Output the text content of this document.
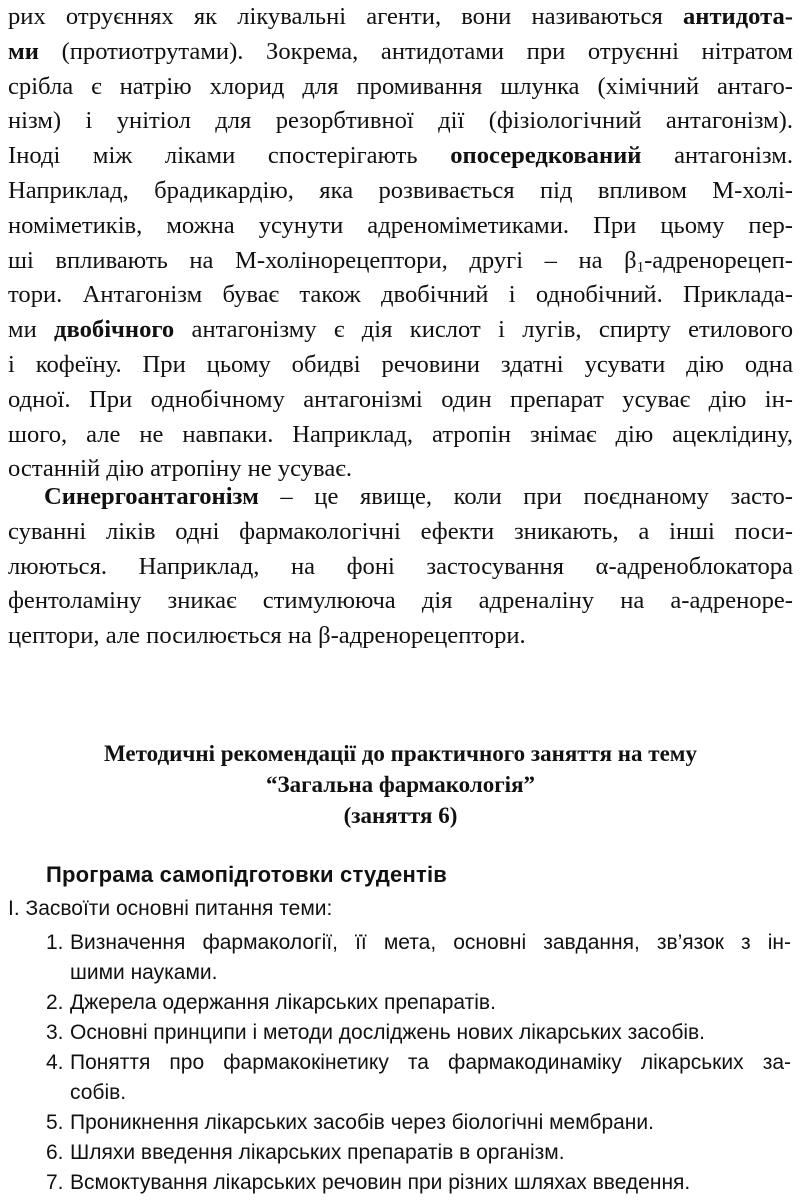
рих отруєннях як лікувальні агенти, вони називаються антидота-
ми (протиотрутами). Зокрема, антидотами при отруєнні нітратом
срібла є натрію хлорид для промивання шлунка (хімічний антаго-
нізм) і унітіол для резорбтивної дії (фізіологічний антагонізм).
Іноді між ліками спостерігають опосередкований антагонізм.
Наприклад, брадикардію, яка розвивається під впливом М-холі-
номіметиків, можна усунути адреноміметиками. При цьому пер-
ші впливають на М-холінорецептори, другі – на $\beta_1-адренорецеп-$
тори. Антагонізм буває також двобічний і однобічний. Приклада-
ми двобічного антагонізму є дія кислот і лугів, спирту етилового
і кофеїну. При цьому обидві речовини здатні усувати дію одна
одної. При однобічному антагонізмі один препарат усуває дію ін-
шого, але не навпаки. Наприклад, атропін знімає дію ацеклідину,
останній дію атропіну не усуває.
Синергоантагонізм – це явище, коли при поєднаному засто-
суванні ліків одні фармакологічні ефекти зникають, а інші поси-
люються. Наприклад, на фоні застосування α-адреноблокатора
фентоламіну зникає стимулююча дія адреналіну на а-адреноре-
цептори, але посилюється на β-адренорецептори.
Методичні рекомендації до практичного заняття на тему
“Загальна фармакологія”
(заняття 6)
Програма самопідготовки студентів
I. Засвоїти основні питання теми:
1. Визначення фармакології, її мета, основні завдання, зв’язок з ін-
шими науками.
2. Джерела одержання лікарських препаратів.
3. Основні принципи і методи досліджень нових лікарських засобів.
4. Поняття про фармакокінетику та фармакодинаміку лікарських за-
собів.
5. Проникнення лікарських засобів через біологічні мембрани.
6. Шляхи введення лікарських препаратів в організм.
7. Всмоктування лікарських речовин при різних шляхах введення.
